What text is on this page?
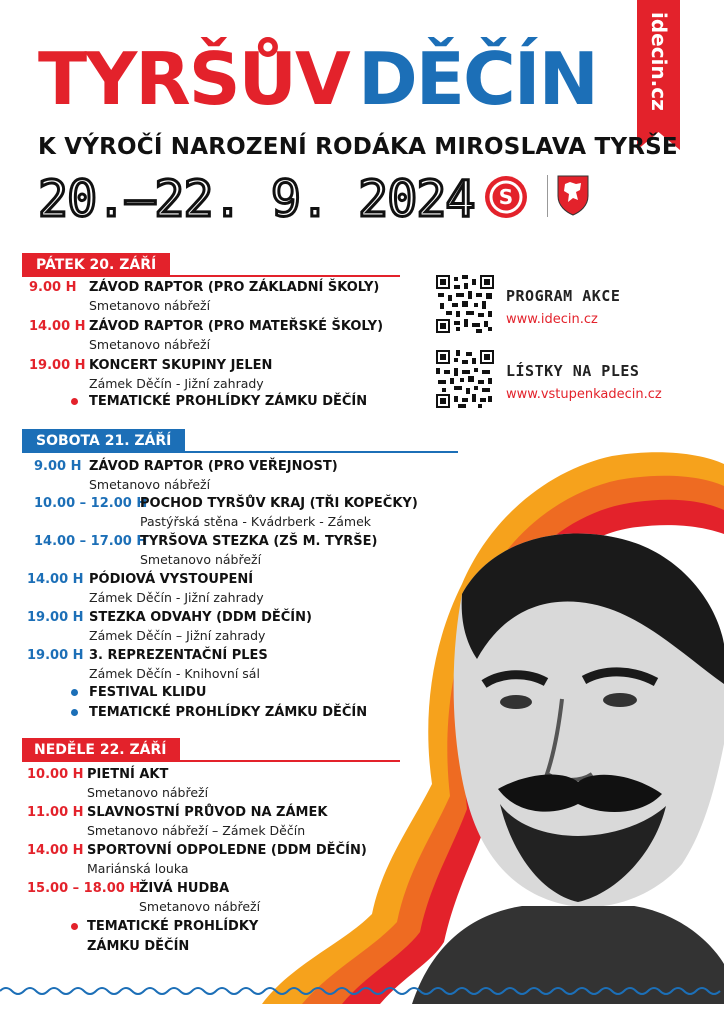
idecin.cz
TYRŠŮV DĚČÍN
K VÝROČÍ NAROZENÍ RODÁKA MIROSLAVA TYRŠE
20.–22. 9. 2024 S
PÁTEK 20. ZÁŘÍ
9.00 H ZÁVOD RAPTOR (PRO ZÁKLADNÍ ŠKOLY)
Smetanovo nábřeží
14.00 H ZÁVOD RAPTOR (PRO MATEŘSKÉ ŠKOLY)
Smetanovo nábřeží
19.00 H KONCERT SKUPINY JELEN
Zámek Děčín - Jižní zahrady
TEMATICKÉ PROHLÍDKY ZÁMKU DĚČÍN
PROGRAM AKCE
www.idecin.cz
LÍSTKY NA PLES
www.vstupenkadecin.cz
SOBOTA 21. ZÁŘÍ
9.00 H ZÁVOD RAPTOR (PRO VEŘEJNOST)
Smetanovo nábřeží
10.00 – 12.00 H
POCHOD TYRŠŮV KRAJ (TŘI KOPEČKY)
Pastýřská stěna - Kvádrberk - Zámek
14.00 – 17.00 H
TYRŠOVA STEZKA (ZŠ M. TYRŠE)
Smetanovo nábřeží
14.00 H PÓDIOVÁ VYSTOUPENÍ
Zámek Děčín - Jižní zahrady
19.00 H STEZKA ODVAHY (DDM DĚČÍN)
Zámek Děčín – Jižní zahrady
19.00 H 3. REPREZENTAČNÍ PLES
Zámek Děčín - Knihovní sál
FESTIVAL KLIDU
TEMATICKÉ PROHLÍDKY ZÁMKU DĚČÍN
NEDĚLE 22. ZÁŘÍ
10.00 H PIETNÍ AKT
Smetanovo nábřeží
11.00 H SLAVNOSTNÍ PRŮVOD NA ZÁMEK
Smetanovo nábřeží – Zámek Děčín
14.00 H SPORTOVNÍ ODPOLEDNE (DDM DĚČÍN)
Mariánská louka
15.00 – 18.00 H
ŽIVÁ HUDBA
Smetanovo nábřeží
TEMATICKÉ PROHLÍDKY
ZÁMKU DĚČÍN
